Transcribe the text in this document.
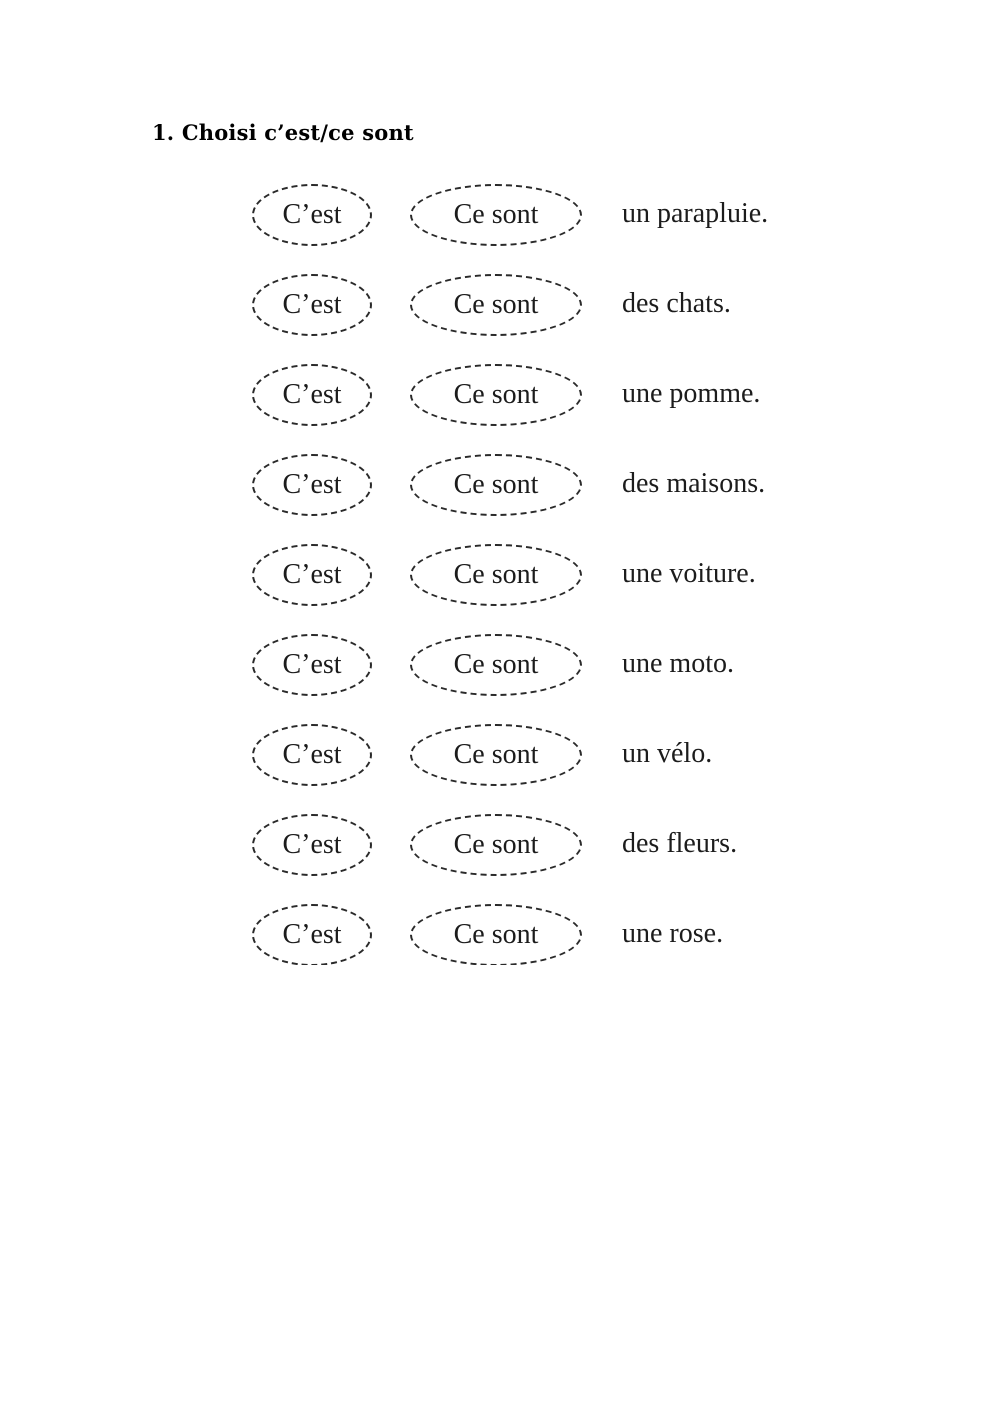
1. Choisi c’est/ce sont
C’est	Ce sont	un parapluie.
C’est	Ce sont	des chats.
C’est	Ce sont	une pomme.
C’est	Ce sont	des maisons.
C’est	Ce sont	une voiture.
C’est	Ce sont	une moto.
C’est	Ce sont	un vélo.
C’est	Ce sont	des fleurs.
C’est	Ce sont	une rose.
